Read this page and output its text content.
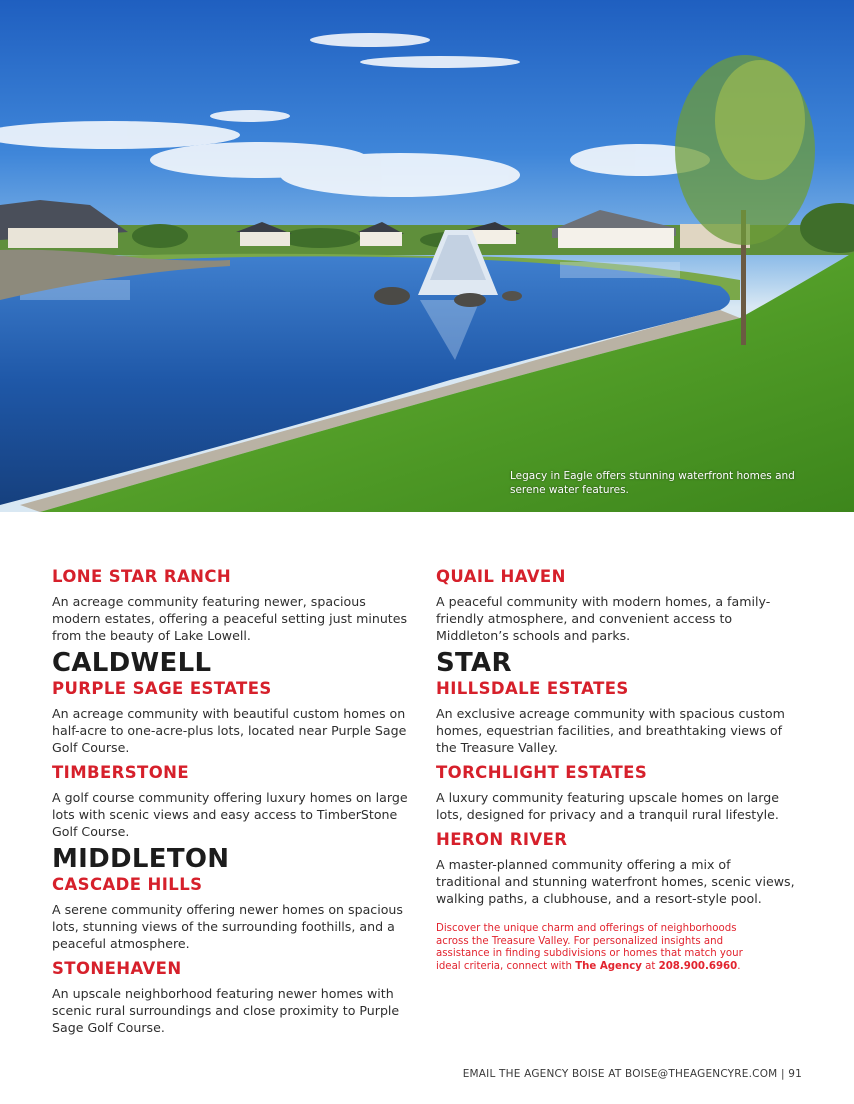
Legacy in Eagle offers stunning waterfront homes and serene water features.
LONE STAR RANCH
An acreage community featuring newer, spacious modern estates, offering a peaceful setting just minutes from the beauty of Lake Lowell.
CALDWELL
PURPLE SAGE ESTATES
An acreage community with beautiful custom homes on half-acre to one-acre-plus lots, located near Purple Sage Golf Course.
TIMBERSTONE
A golf course community offering luxury homes on large lots with scenic views and easy access to TimberStone Golf Course.
MIDDLETON
CASCADE HILLS
A serene community offering newer homes on spacious lots, stunning views of the surrounding foothills, and a peaceful atmosphere.
STONEHAVEN
An upscale neighborhood featuring newer homes with scenic rural surroundings and close proximity to Purple Sage Golf Course.
QUAIL HAVEN
A peaceful community with modern homes, a family-friendly atmosphere, and convenient access to Middleton’s schools and parks.
STAR
HILLSDALE ESTATES
An exclusive acreage community with spacious custom homes, equestrian facilities, and breathtaking views of the Treasure Valley.
TORCHLIGHT ESTATES
A luxury community featuring upscale homes on large lots, designed for privacy and a tranquil rural lifestyle.
HERON RIVER
A master-planned community offering a mix of traditional and stunning waterfront homes, scenic views, walking paths, a clubhouse, and a resort-style pool.
Discover the unique charm and offerings of neighborhoods across the Treasure Valley. For personalized insights and assistance in finding subdivisions or homes that match your ideal criteria, connect with The Agency at 208.900.6960.
EMAIL THE AGENCY BOISE AT BOISE@THEAGENCYRE.COM | 91
